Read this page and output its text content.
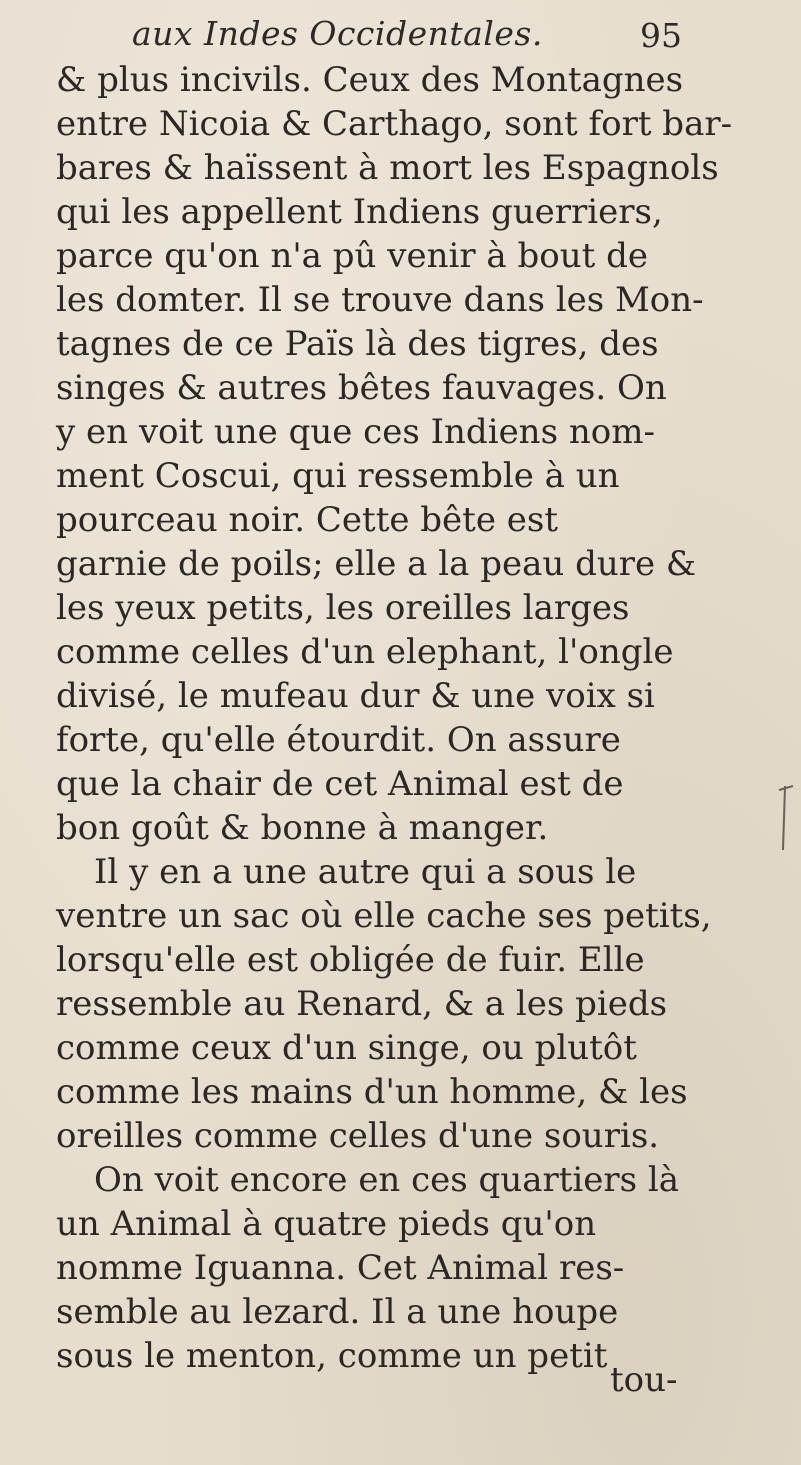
aux Indes Occidentales.	95
& plus incivils. Ceux des Montagnes
entre Nicoia & Carthago, sont fort bar-
bares & haïssent à mort les Espagnols
qui les appellent Indiens guerriers,
parce qu'on n'a pû venir à bout de
les domter. Il se trouve dans les Mon-
tagnes de ce Païs là des tigres, des
singes & autres bêtes fauvages. On
y en voit une que ces Indiens nom-
ment Coscui, qui ressemble à un
pourceau noir. Cette bête est
garnie de poils; elle a la peau dure &
les yeux petits, les oreilles larges
comme celles d'un elephant, l'ongle
divisé, le mufeau dur & une voix si
forte, qu'elle étourdit. On assure
que la chair de cet Animal est de
bon goût & bonne à manger.
Il y en a une autre qui a sous le
ventre un sac où elle cache ses petits,
lorsqu'elle est obligée de fuir. Elle
ressemble au Renard, & a les pieds
comme ceux d'un singe, ou plutôt
comme les mains d'un homme, & les
oreilles comme celles d'une souris.
On voit encore en ces quartiers là
un Animal à quatre pieds qu'on
nomme Iguanna. Cet Animal res-
semble au lezard. Il a une houpe
sous le menton, comme un petit
tou-
